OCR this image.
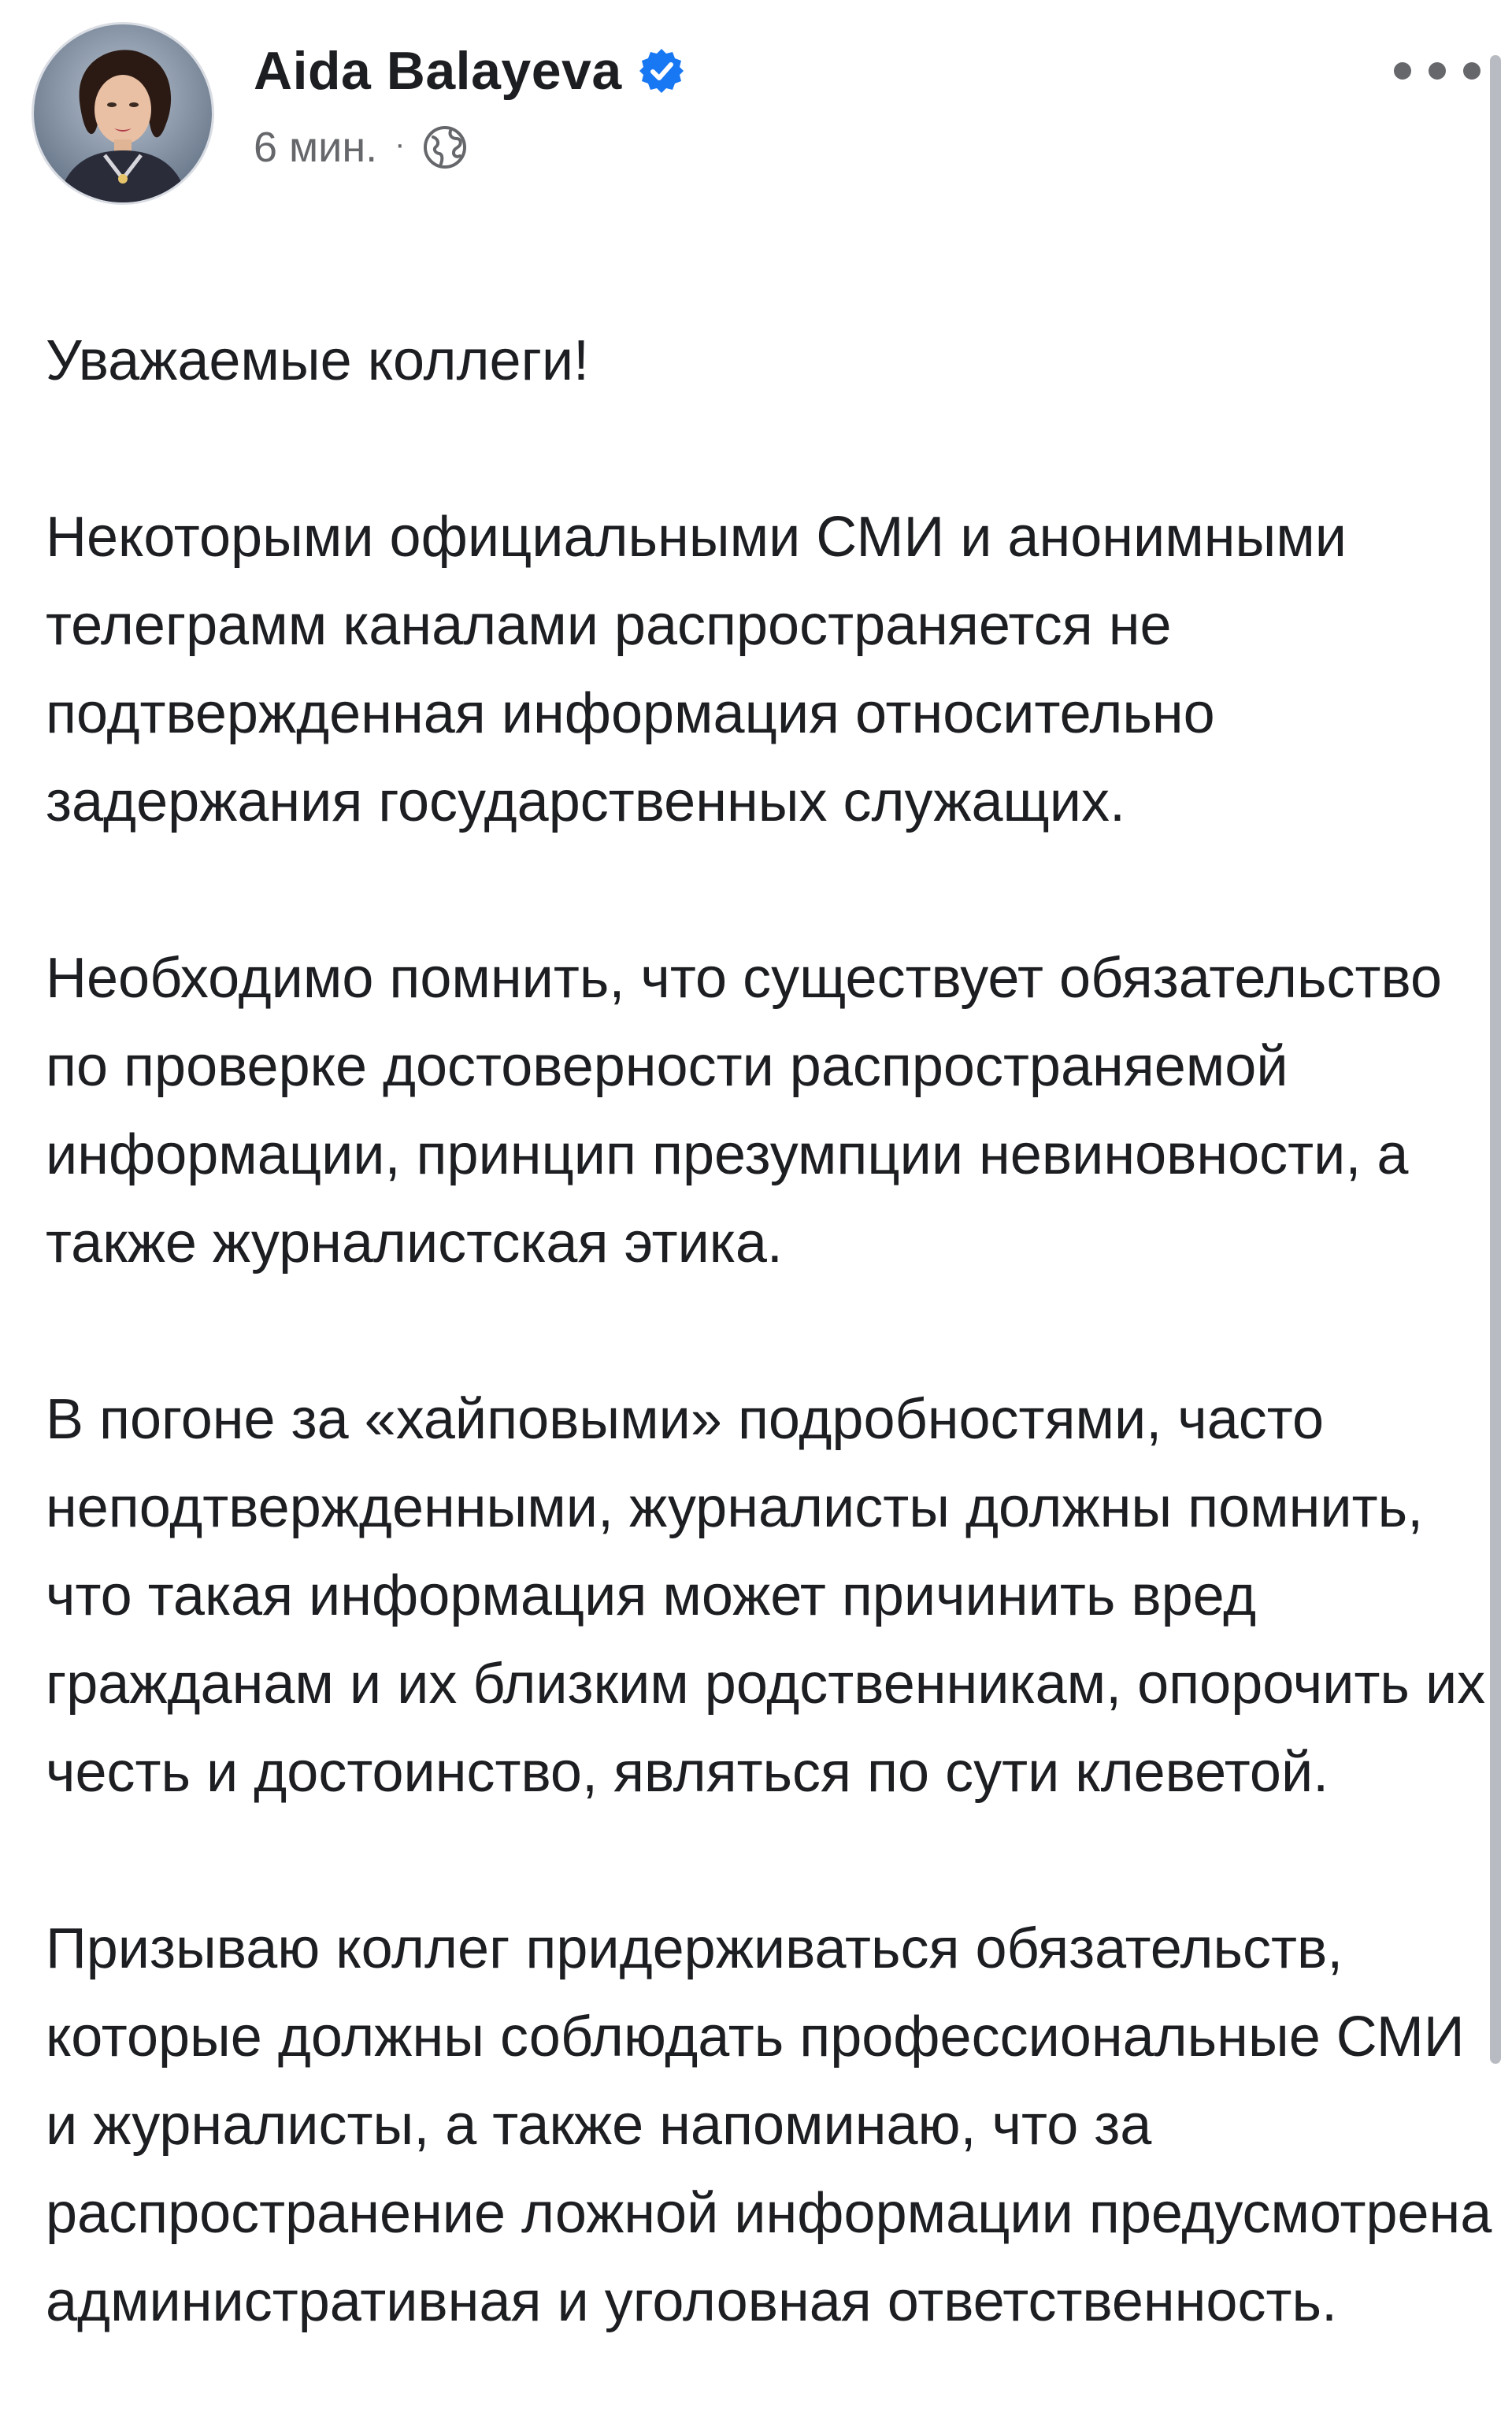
Aida Balayeva
6 мин. ·

Уважаемые коллеги!

Некоторыми официальными СМИ и анонимными телеграмм каналами распространяется не подтвержденная информация относительно задержания государственных служащих.

Необходимо помнить, что существует обязательство по проверке достоверности распространяемой информации, принцип презумпции невиновности, а также журналистская этика.

В погоне за «хайповыми» подробностями, часто неподтвержденными, журналисты должны помнить, что такая информация может причинить вред гражданам и их близким родственникам, опорочить их честь и достоинство, являться по сути клеветой.

Призываю коллег придерживаться обязательств, которые должны соблюдать профессиональные СМИ и журналисты, а также напоминаю, что за распространение ложной информации предусмотрена административная и уголовная ответственность.
